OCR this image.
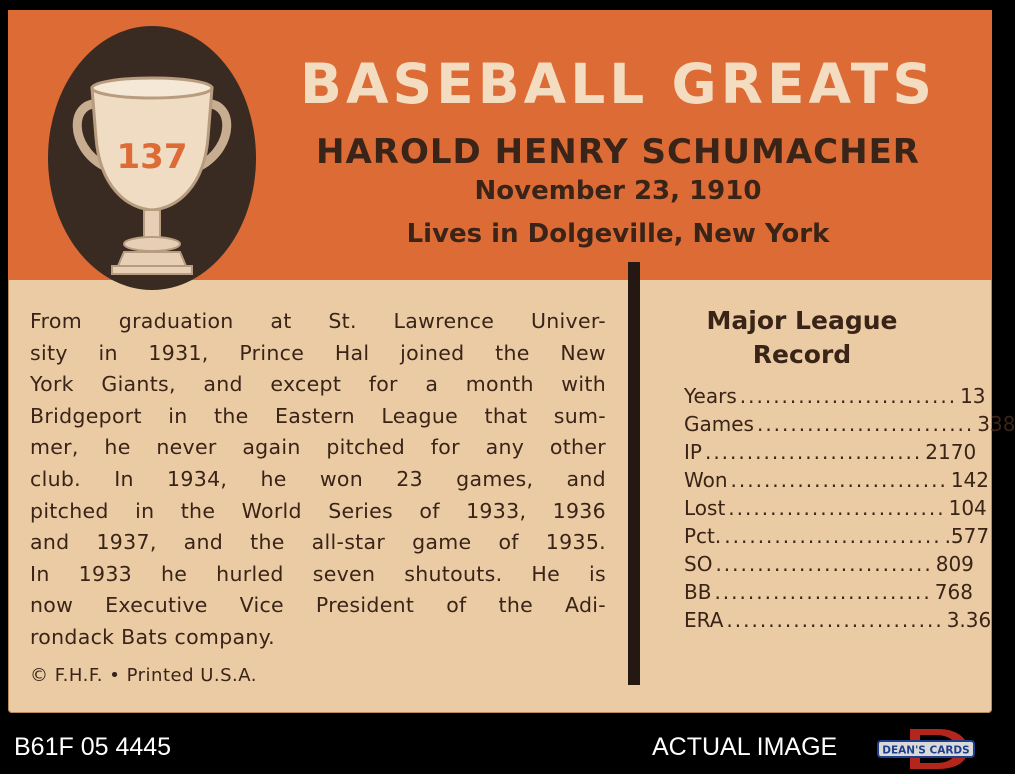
137
BASEBALL GREATS
HAROLD HENRY SCHUMACHER
November 23, 1910
Lives in Dolgeville, New York
From graduation at St. Lawrence Univer-
sity in 1931, Prince Hal joined the New
York Giants, and except for a month with
Bridgeport in the Eastern League that sum-
mer, he never again pitched for any other
club. In 1934, he won 23 games, and
pitched in the World Series of 1933, 1936
and 1937, and the all-star game of 1935.
In 1933 he hurled seven shutouts. He is
now Executive Vice President of the Adi-
rondack Bats company.
© F.H.F. • Printed U.S.A.
Major League
Record
Years .......................... 13
Games .......................... 338
IP .......................... 2170
Won .......................... 142
Lost .......................... 104
Pct. .......................... .577
SO .......................... 809
BB .......................... 768
ERA .......................... 3.36
B61F 05 4445	ACTUAL IMAGE	DEAN'S CARDS
